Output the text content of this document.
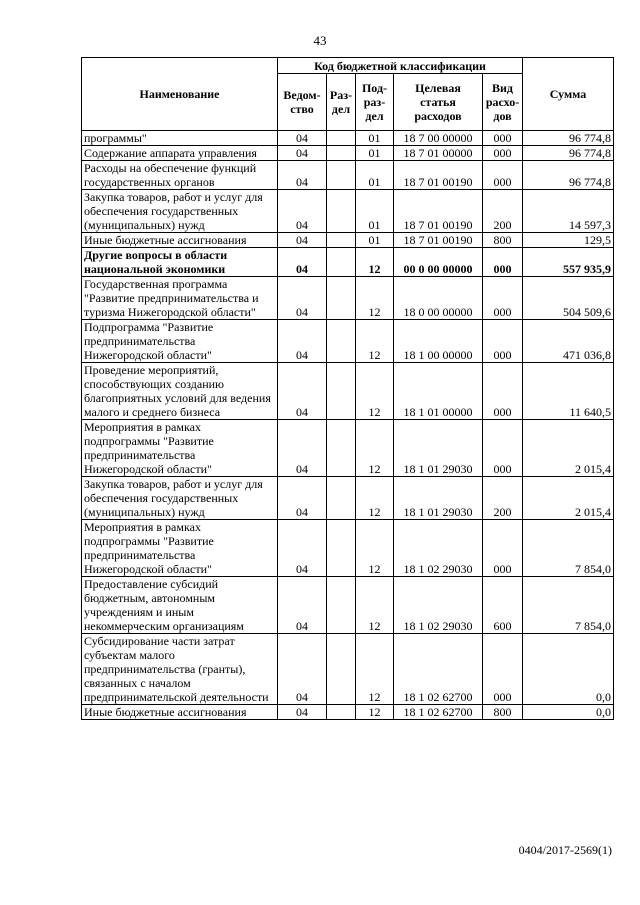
43
Наименование	Код бюджетной классификации					Сумма
	Ведом-ство	Раз-дел	Под-раз-дел	Целевая статья расходов	Вид расхо-дов	
программы"	04		01	18 7 00 00000	000	96 774,8
Содержание аппарата управления	04		01	18 7 01 00000	000	96 774,8
Расходы на обеспечение функций государственных органов	04		01	18 7 01 00190	000	96 774,8
Закупка товаров, работ и услуг для обеспечения государственных (муниципальных) нужд	04		01	18 7 01 00190	200	14 597,3
Иные бюджетные ассигнования	04		01	18 7 01 00190	800	129,5
Другие вопросы в области национальной экономики	04		12	00 0 00 00000	000	557 935,9
Государственная программа "Развитие предпринимательства и туризма Нижегородской области"	04		12	18 0 00 00000	000	504 509,6
Подпрограмма "Развитие предпринимательства Нижегородской области"	04		12	18 1 00 00000	000	471 036,8
Проведение мероприятий, способствующих созданию благоприятных условий для ведения малого и среднего бизнеса	04		12	18 1 01 00000	000	11 640,5
Мероприятия в рамках подпрограммы "Развитие предпринимательства Нижегородской области"	04		12	18 1 01 29030	000	2 015,4
Закупка товаров, работ и услуг для обеспечения государственных (муниципальных) нужд	04		12	18 1 01 29030	200	2 015,4
Мероприятия в рамках подпрограммы "Развитие предпринимательства Нижегородской области"	04		12	18 1 02 29030	000	7 854,0
Предоставление субсидий бюджетным, автономным учреждениям и иным некоммерческим организациям	04		12	18 1 02 29030	600	7 854,0
Субсидирование части затрат субъектам малого предпринимательства (гранты), связанных с началом предпринимательской деятельности	04		12	18 1 02 62700	000	0,0
Иные бюджетные ассигнования	04		12	18 1 02 62700	800	0,0
0404/2017-2569(1)
